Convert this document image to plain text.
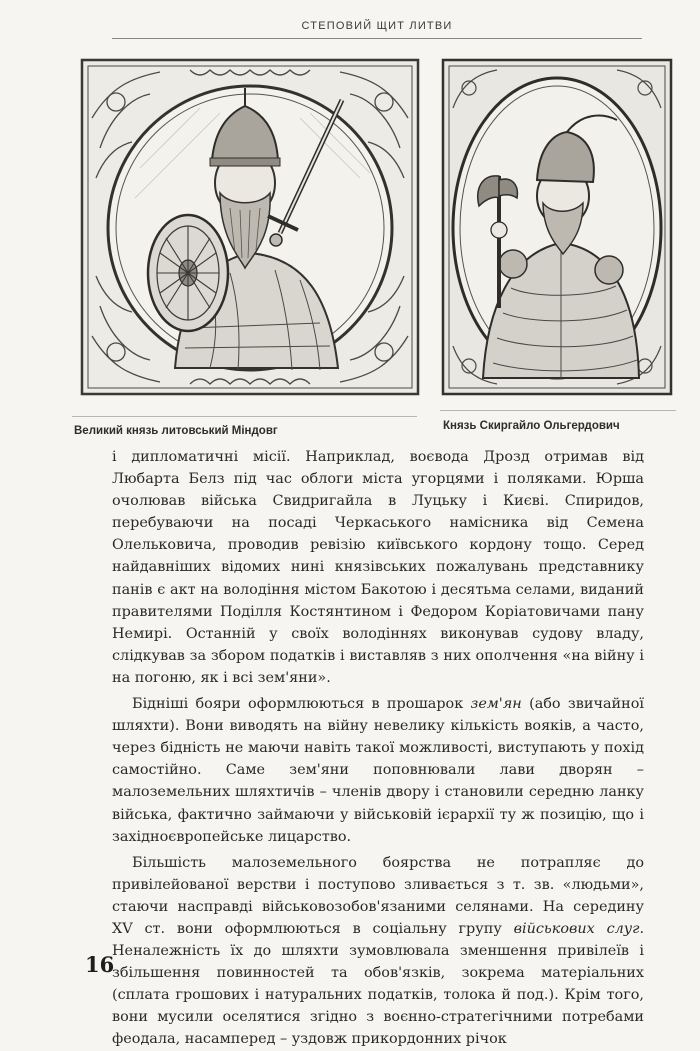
СТЕПОВИЙ ЩИТ ЛИТВИ
Великий князь литовський Міндовг	Князь Скиргайло Ольгердович

і дипломатичні місії. Наприклад, воєвода Дрозд отримав від Любарта Белз під час облоги міста угорцями і поляками. Юрша очолював війська Свидригайла в Луцьку і Києві. Спиридов, перебуваючи на посаді Черкаського намісника від Семена Олельковича, проводив ревізію київського кордону тощо. Серед найдавніших відомих нині князівських пожалувань представнику панів є акт на володіння містом Бакотою і десятьма селами, виданий правителями Поділля Костянтином і Федором Коріатовичами пану Немирі. Останній у своїх володіннях виконував судову владу, слідкував за збором податків і виставляв з них ополчення «на війну і на погоню, як і всі зем'яни».

Бідніші бояри оформлюються в прошарок зем'ян (або звичайної шляхти). Вони виводять на війну невелику кількість вояків, а часто, через бідність не маючи навіть такої можливості, виступають у похід самостійно. Саме зем'яни поповнювали лави дворян – малоземельних шляхтичів – членів двору і становили середню ланку війська, фактично займаючи у військовій ієрархії ту ж позицію, що і західноєвропейське лицарство.

Більшість малоземельного боярства не потрапляє до привілейованої верстви і поступово зливається з т. зв. «людьми», стаючи насправді військовозобов'язаними селянами. На середину XV ст. вони оформлюються в соціальну групу військових слуг. Неналежність їх до шляхти зумовлювала зменшення привілеїв і збільшення повинностей та обов'язків, зокрема матеріальних (сплата грошових і натуральних податків, толока й под.). Крім того, вони мусили оселятися згідно з воєнно-стратегічними потребами феодала, насамперед – уздовж прикордонних річок

16
